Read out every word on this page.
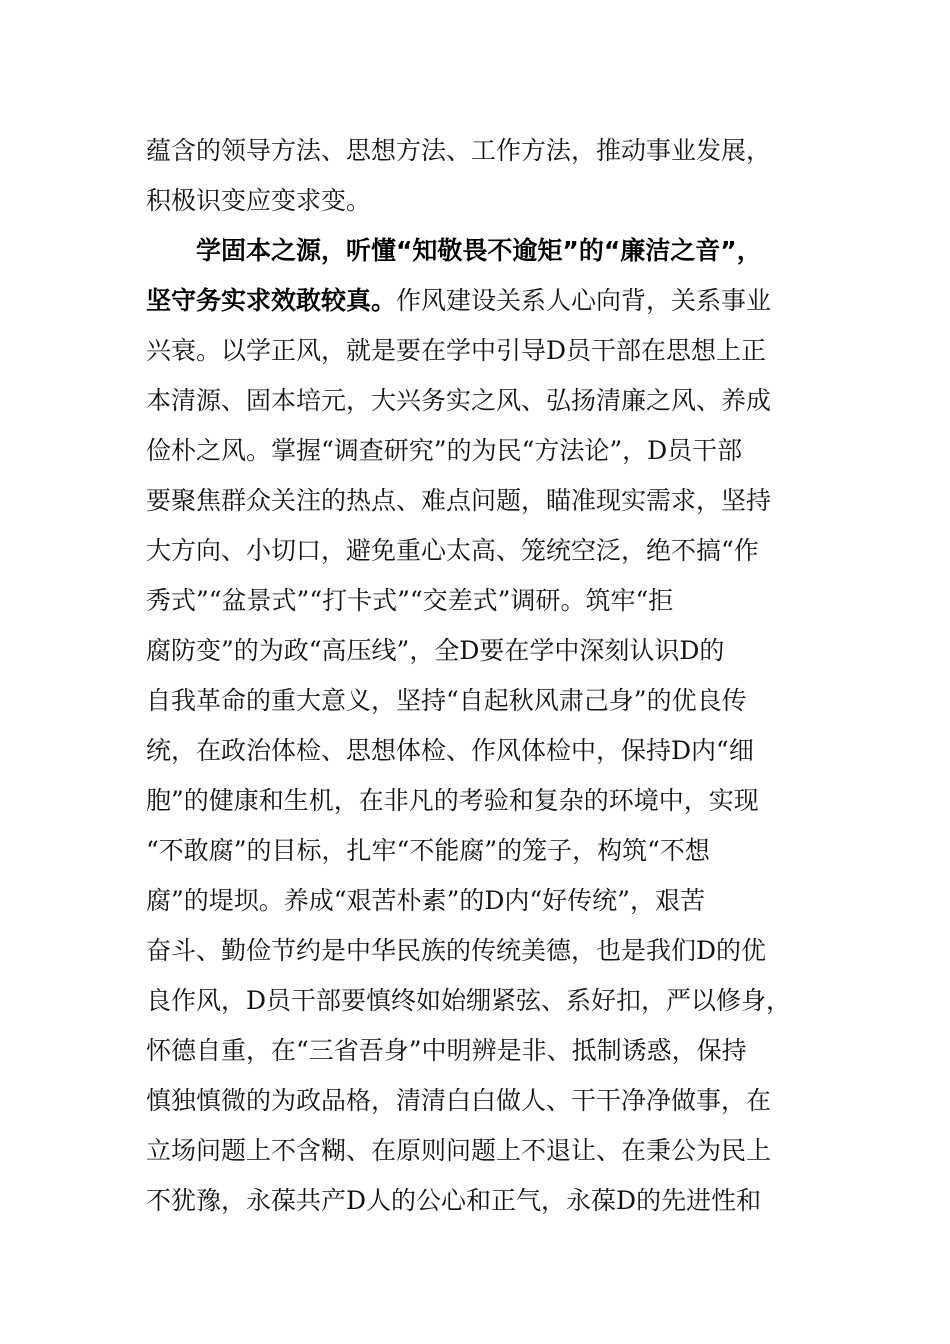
蕴含的领导方法、思想方法、工作方法，推动事业发展，
积极识变应变求变。
学固本之源，听懂“知敬畏不逾矩”的“廉洁之音”，
坚守务实求效敢较真。作风建设关系人心向背，关系事业
兴衰。以学正风，就是要在学中引导D员干部在思想上正
本清源、固本培元，大兴务实之风、弘扬清廉之风、养成
俭朴之风。掌握“调查研究”的为民“方法论”，D员干部
要聚焦群众关注的热点、难点问题，瞄准现实需求，坚持
大方向、小切口，避免重心太高、笼统空泛，绝不搞“作
秀式”“盆景式”“打卡式”“交差式”调研。筑牢“拒
腐防变”的为政“高压线”，全D要在学中深刻认识D的
自我革命的重大意义，坚持“自起秋风肃己身”的优良传
统，在政治体检、思想体检、作风体检中，保持D内“细
胞”的健康和生机，在非凡的考验和复杂的环境中，实现
“不敢腐”的目标，扎牢“不能腐”的笼子，构筑“不想
腐”的堤坝。养成“艰苦朴素”的D内“好传统”，艰苦
奋斗、勤俭节约是中华民族的传统美德，也是我们D的优
良作风，D员干部要慎终如始绷紧弦、系好扣，严以修身，
怀德自重，在“三省吾身”中明辨是非、抵制诱惑，保持
慎独慎微的为政品格，清清白白做人、干干净净做事，在
立场问题上不含糊、在原则问题上不退让、在秉公为民上
不犹豫，永葆共产D人的公心和正气，永葆D的先进性和
